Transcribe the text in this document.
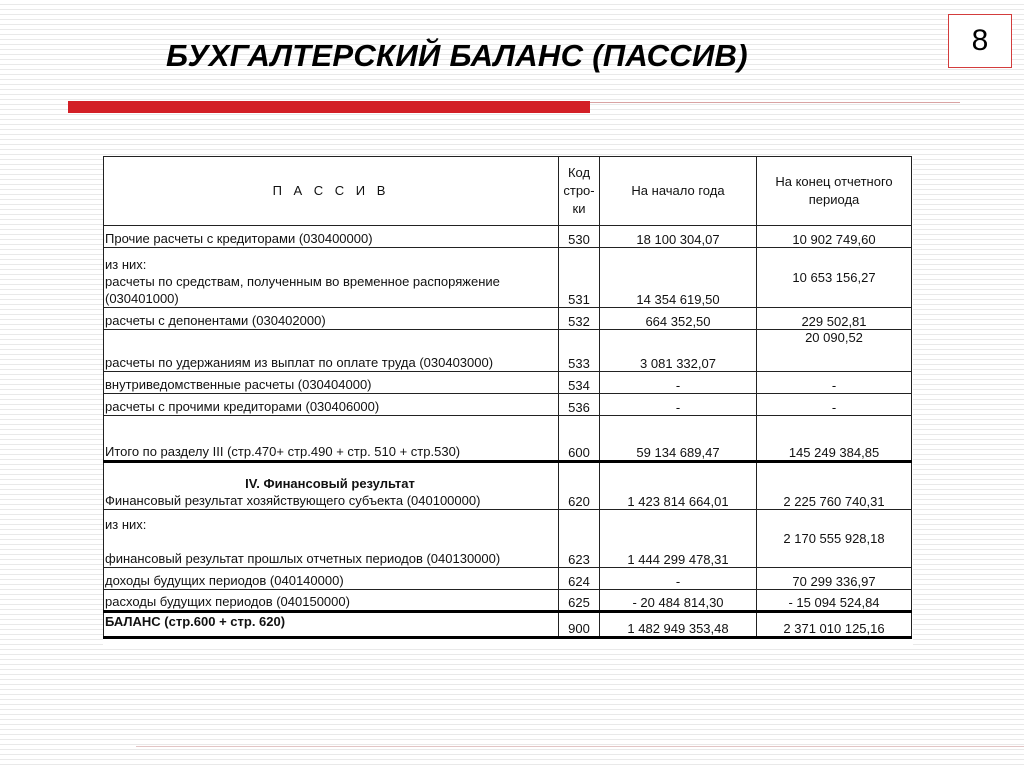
8
БУХГАЛТЕРСКИЙ БАЛАНС (ПАССИВ)
П А С С И В	Код
стро-
ки	На начало года	На конец отчетного
периода

Прочие расчеты с кредиторами (030400000)	530	18 100 304,07	10 902 749,60

из них:
расчеты по средствам, полученным во временное распоряжение
(030401000)	531	14 354 619,50	10 653 156,27
расчеты с депонентами (030402000)	532	664 352,50	229 502,81
расчеты по удержаниям из выплат по оплате труда (030403000)	533	3 081 332,07	20 090,52
внутриведомственные расчеты (030404000)	534	-	-
расчеты с прочими кредиторами (030406000)	536	-	-
Итого по разделу III (стр.470+ стр.490 + стр. 510 + стр.530)	600	59 134 689,47	145 249 384,85

IV. Финансовый результат
Финансовый результат хозяйствующего субъекта (040100000)	620	1 423 814 664,01	2 225 760 740,31

из них:
финансовый результат прошлых отчетных периодов (040130000)	623	1 444 299 478,31	2 170 555 928,18
доходы будущих периодов (040140000)	624	-	70 299 336,97
расходы будущих периодов (040150000)	625	- 20 484 814,30	- 15 094 524,84
БАЛАНС (стр.600 + стр. 620)	900	1 482 949 353,48	2 371 010 125,16
